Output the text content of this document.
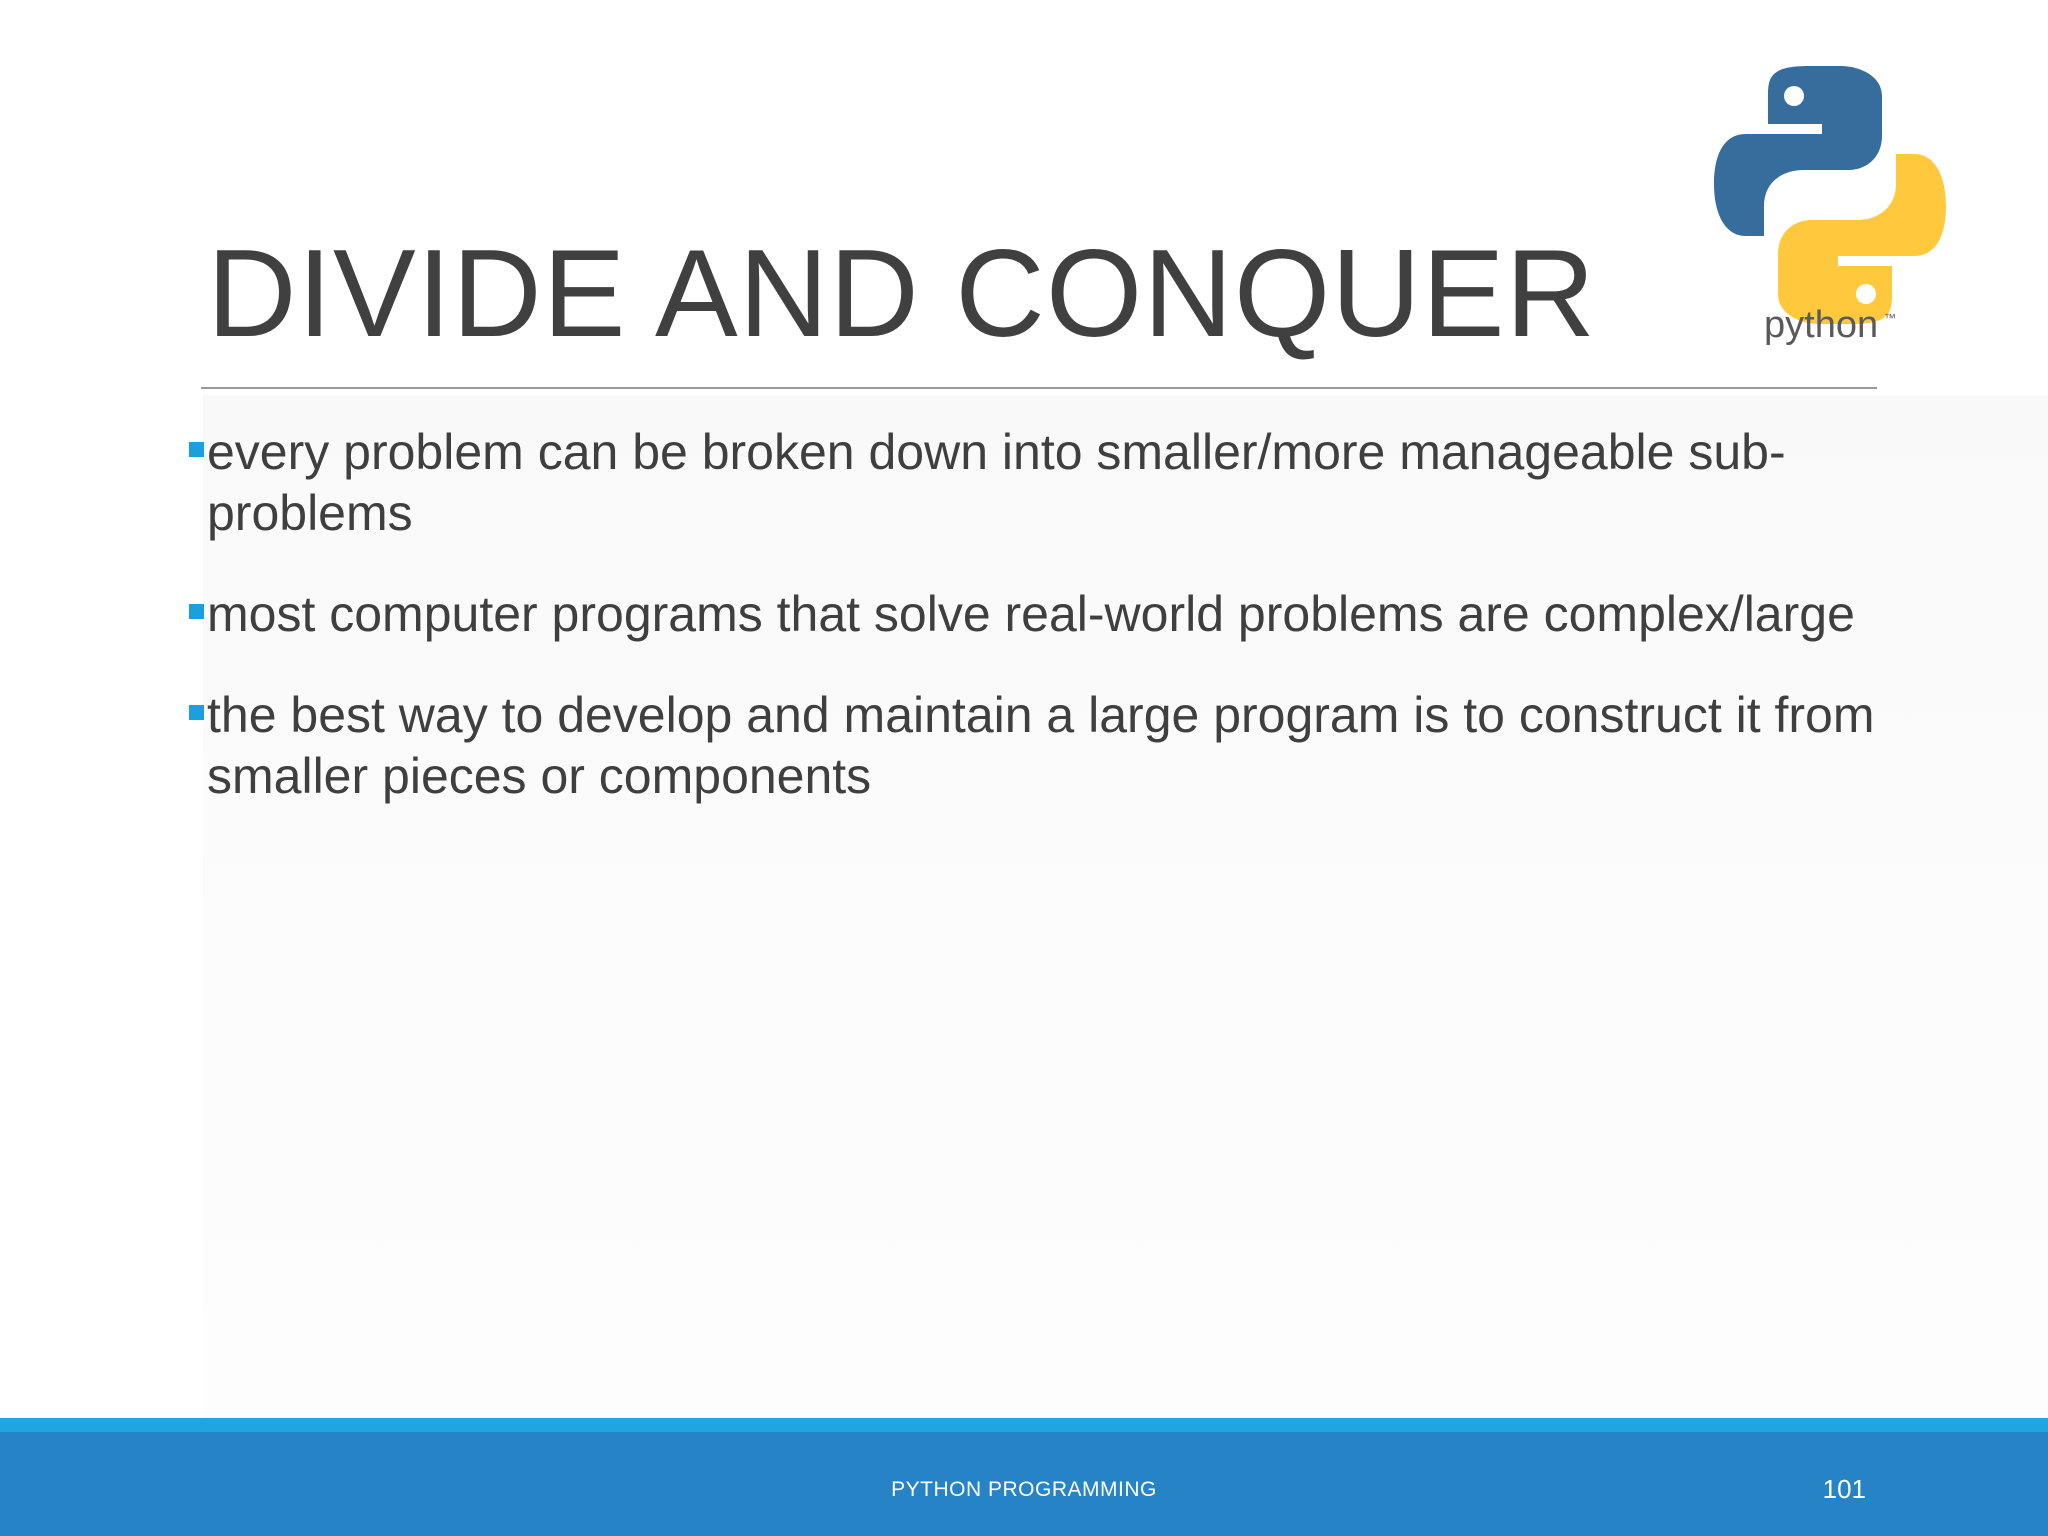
DIVIDE AND CONQUER	python ™
every problem can be broken down into smaller/more manageable sub-problems
most computer programs that solve real-world problems are complex/large
the best way to develop and maintain a large program is to construct it from smaller pieces or components
PYTHON PROGRAMMING	101
